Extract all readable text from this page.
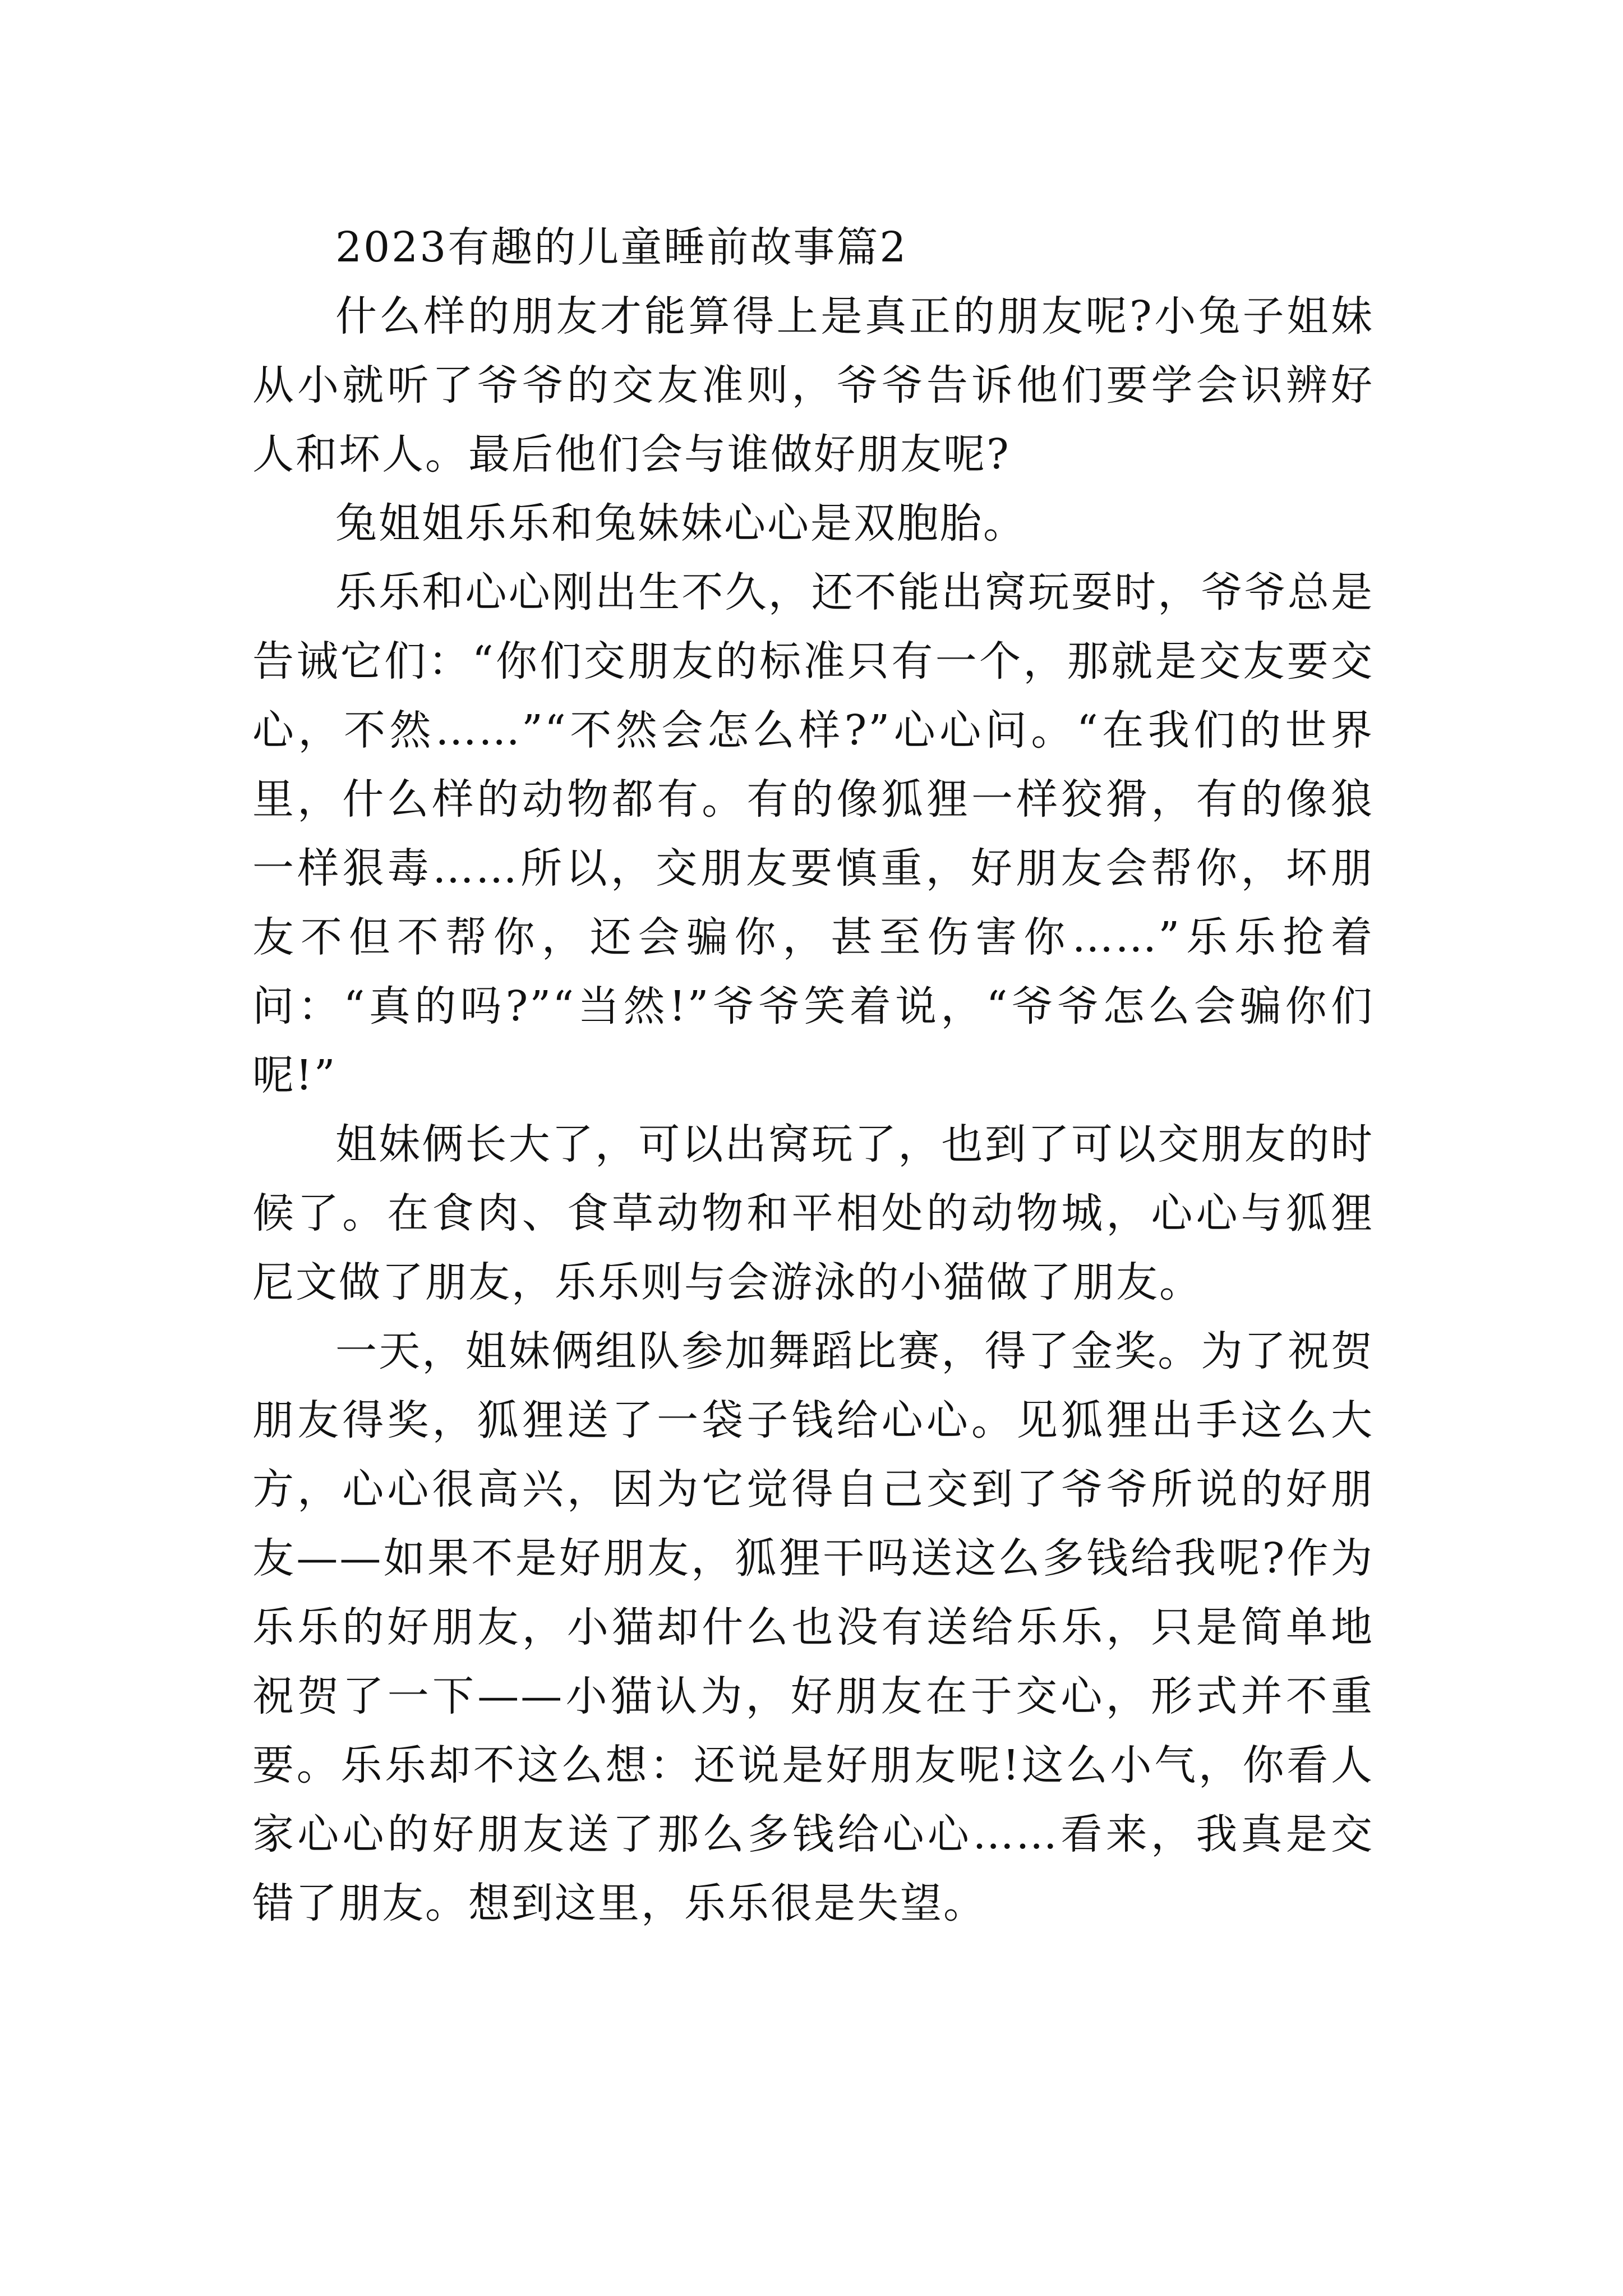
2023有趣的儿童睡前故事篇2

什么样的朋友才能算得上是真正的朋友呢?小兔子姐妹从小就听了爷爷的交友准则，爷爷告诉他们要学会识辨好人和坏人。最后他们会与谁做好朋友呢?

兔姐姐乐乐和兔妹妹心心是双胞胎。

乐乐和心心刚出生不久，还不能出窝玩耍时，爷爷总是告诫它们：“你们交朋友的标准只有一个，那就是交友要交心，不然……”“不然会怎么样?”心心问。“在我们的世界里，什么样的动物都有。有的像狐狸一样狡猾，有的像狼一样狠毒……所以，交朋友要慎重，好朋友会帮你，坏朋友不但不帮你，还会骗你，甚至伤害你……”乐乐抢着问：“真的吗?”“当然!”爷爷笑着说，“爷爷怎么会骗你们呢!”

姐妹俩长大了，可以出窝玩了，也到了可以交朋友的时候了。在食肉、食草动物和平相处的动物城，心心与狐狸尼文做了朋友，乐乐则与会游泳的小猫做了朋友。

一天，姐妹俩组队参加舞蹈比赛，得了金奖。为了祝贺朋友得奖，狐狸送了一袋子钱给心心。见狐狸出手这么大方，心心很高兴，因为它觉得自己交到了爷爷所说的好朋友——如果不是好朋友，狐狸干吗送这么多钱给我呢?作为乐乐的好朋友，小猫却什么也没有送给乐乐，只是简单地祝贺了一下——小猫认为，好朋友在于交心，形式并不重要。乐乐却不这么想：还说是好朋友呢!这么小气，你看人家心心的好朋友送了那么多钱给心心……看来，我真是交错了朋友。想到这里，乐乐很是失望。
